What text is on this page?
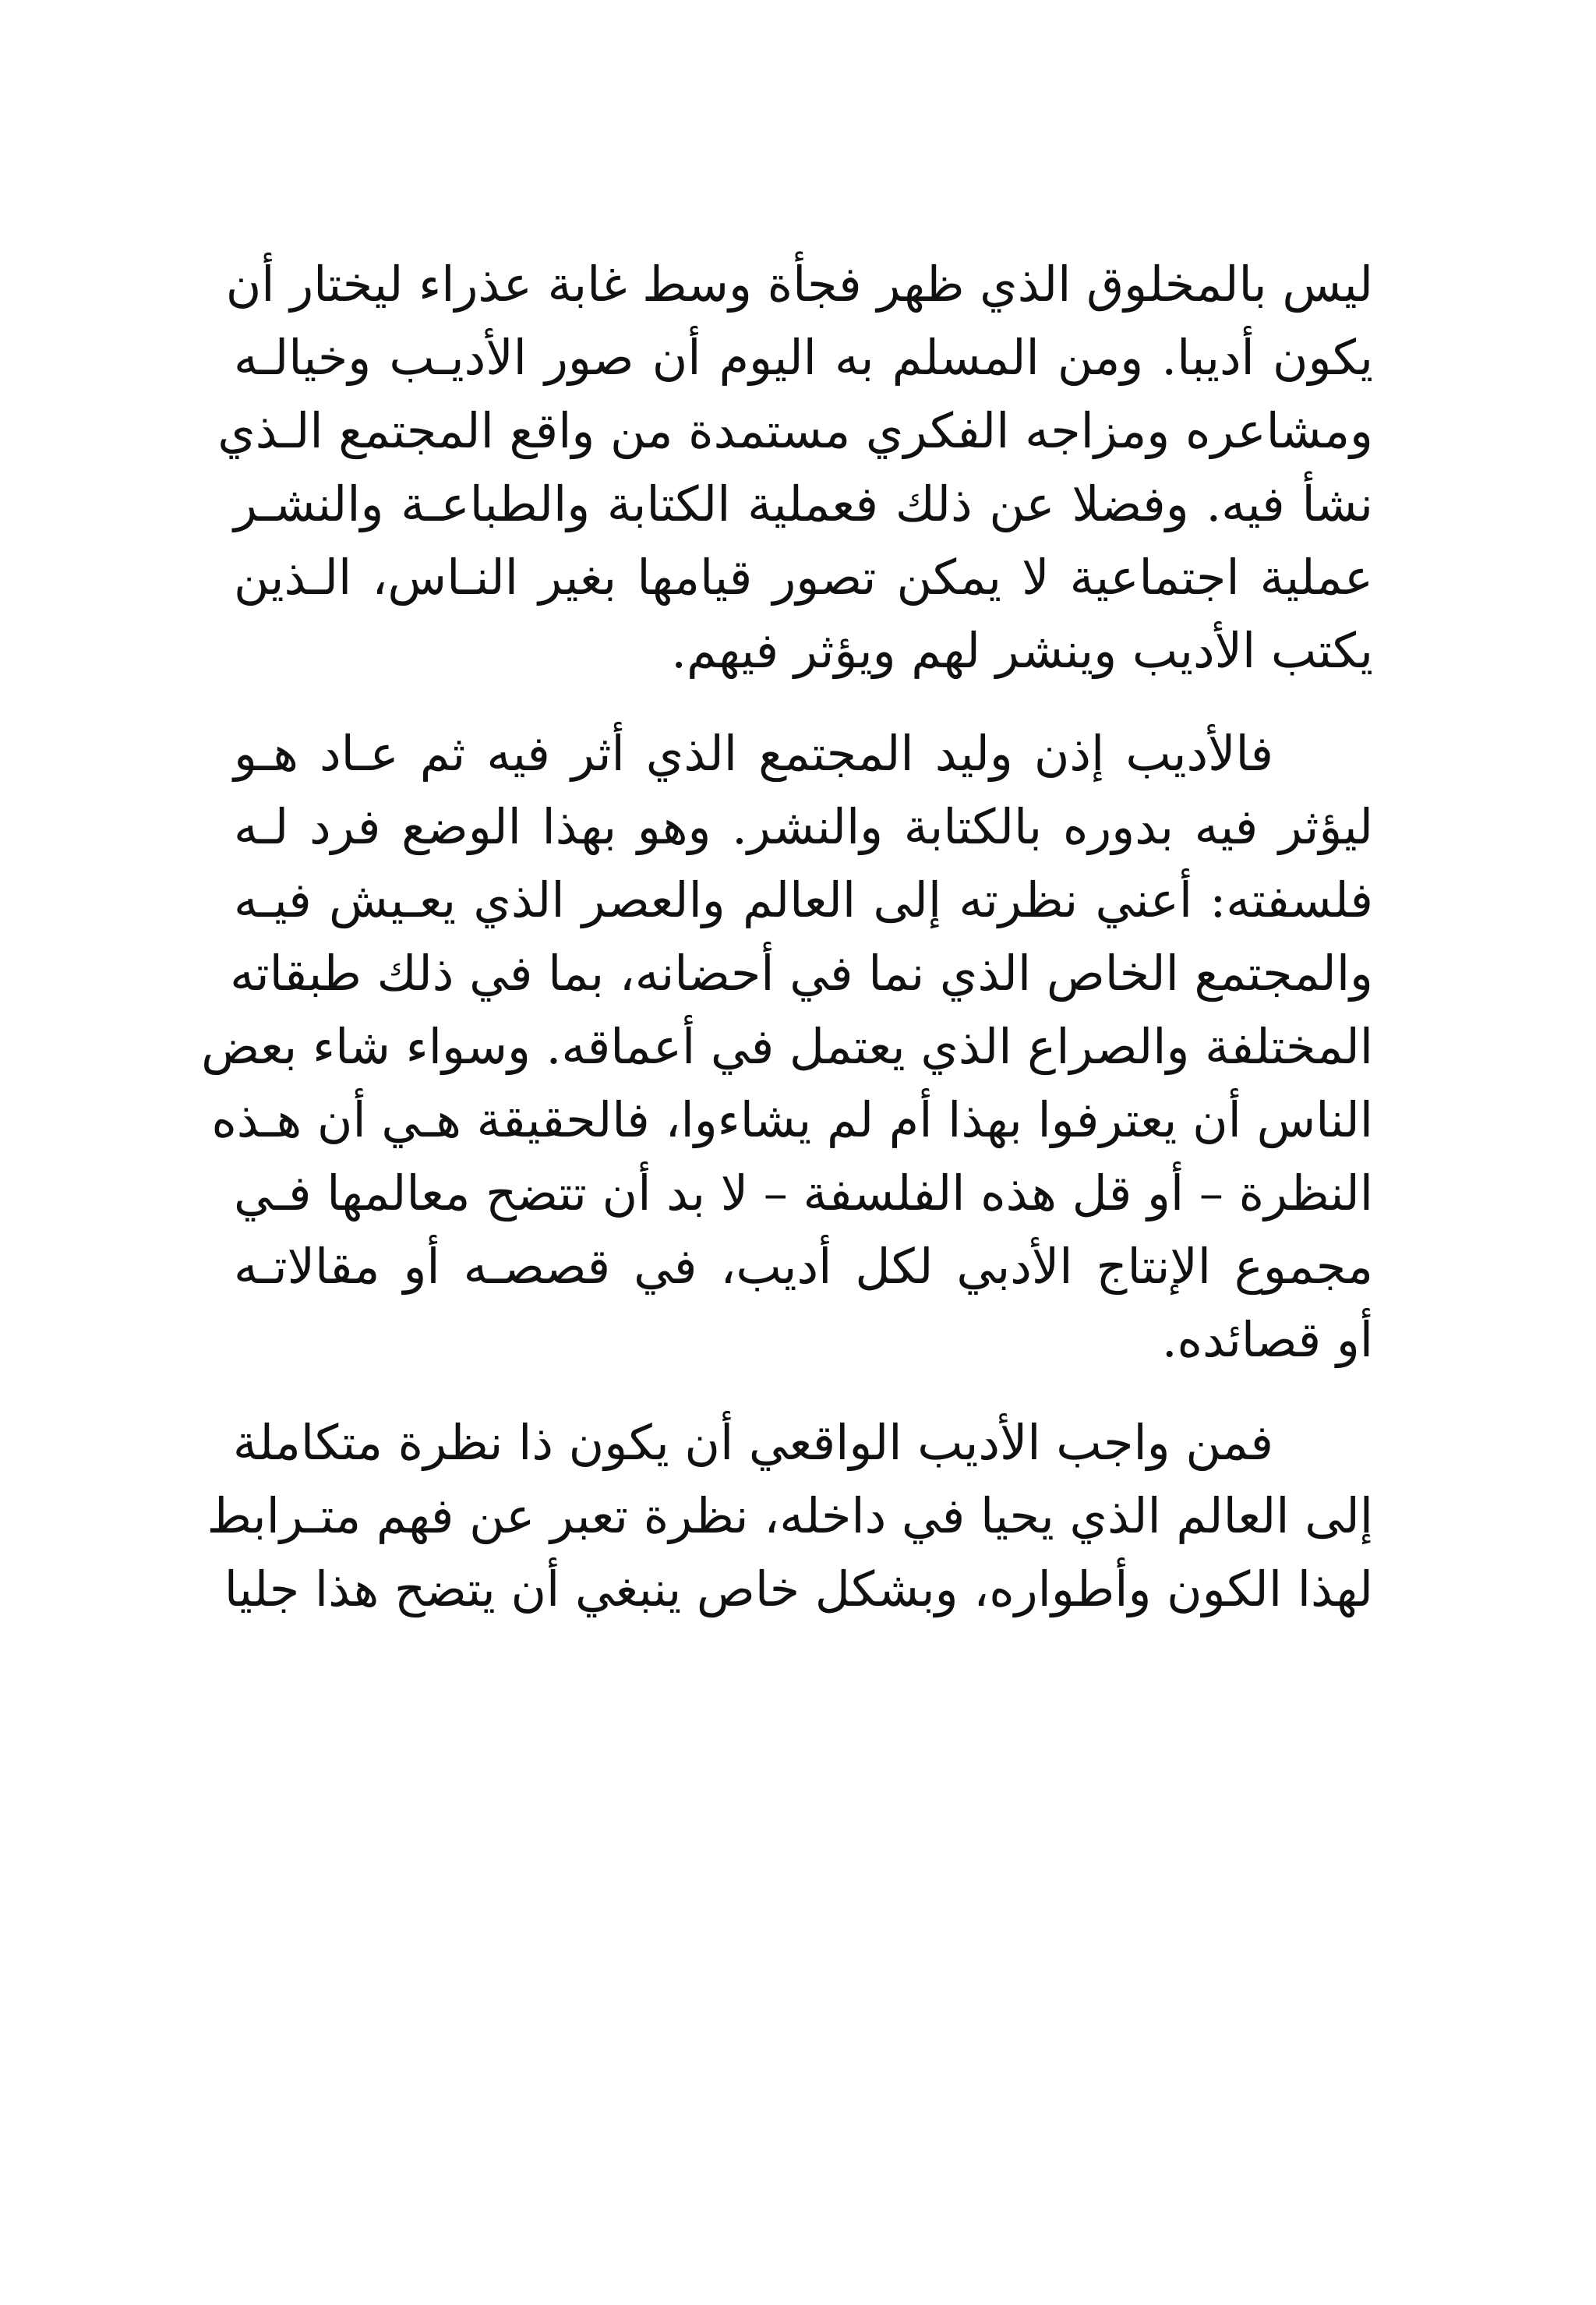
ليس بالمخلوق الذي ظهر فجأة وسط غابة عذراء ليختار أن
يكون أديبا. ومن المسلم به اليوم أن صور الأديـب وخيالـه
ومشاعره ومزاجه الفكري مستمدة من واقع المجتمع الـذي
نشأ فيه. وفضلا عن ذلك فعملية الكتابة والطباعـة والنشـر
عملية اجتماعية لا يمكن تصور قيامها بغير النـاس، الـذين
يكتب الأديب وينشر لهم ويؤثر فيهم.
فالأديب إذن وليد المجتمع الذي أثر فيه ثم عـاد هـو
ليؤثر فيه بدوره بالكتابة والنشر. وهو بهذا الوضع فرد لـه
فلسفته: أعني نظرته إلى العالم والعصر الذي يعـيش فيـه
والمجتمع الخاص الذي نما في أحضانه، بما في ذلك طبقاته
المختلفة والصراع الذي يعتمل في أعماقه. وسواء شاء بعض
الناس أن يعترفوا بهذا أم لم يشاءوا، فالحقيقة هـي أن هـذه
النظرة – أو قل هذه الفلسفة – لا بد أن تتضح معالمها فـي
مجموع الإنتاج الأدبي لكل أديب، في قصصـه أو مقالاتـه
أو قصائده.
فمن واجب الأديب الواقعي أن يكون ذا نظرة متكاملة
إلى العالم الذي يحيا في داخله، نظرة تعبر عن فهم متـرابط
لهذا الكون وأطواره، وبشكل خاص ينبغي أن يتضح هذا جليا
